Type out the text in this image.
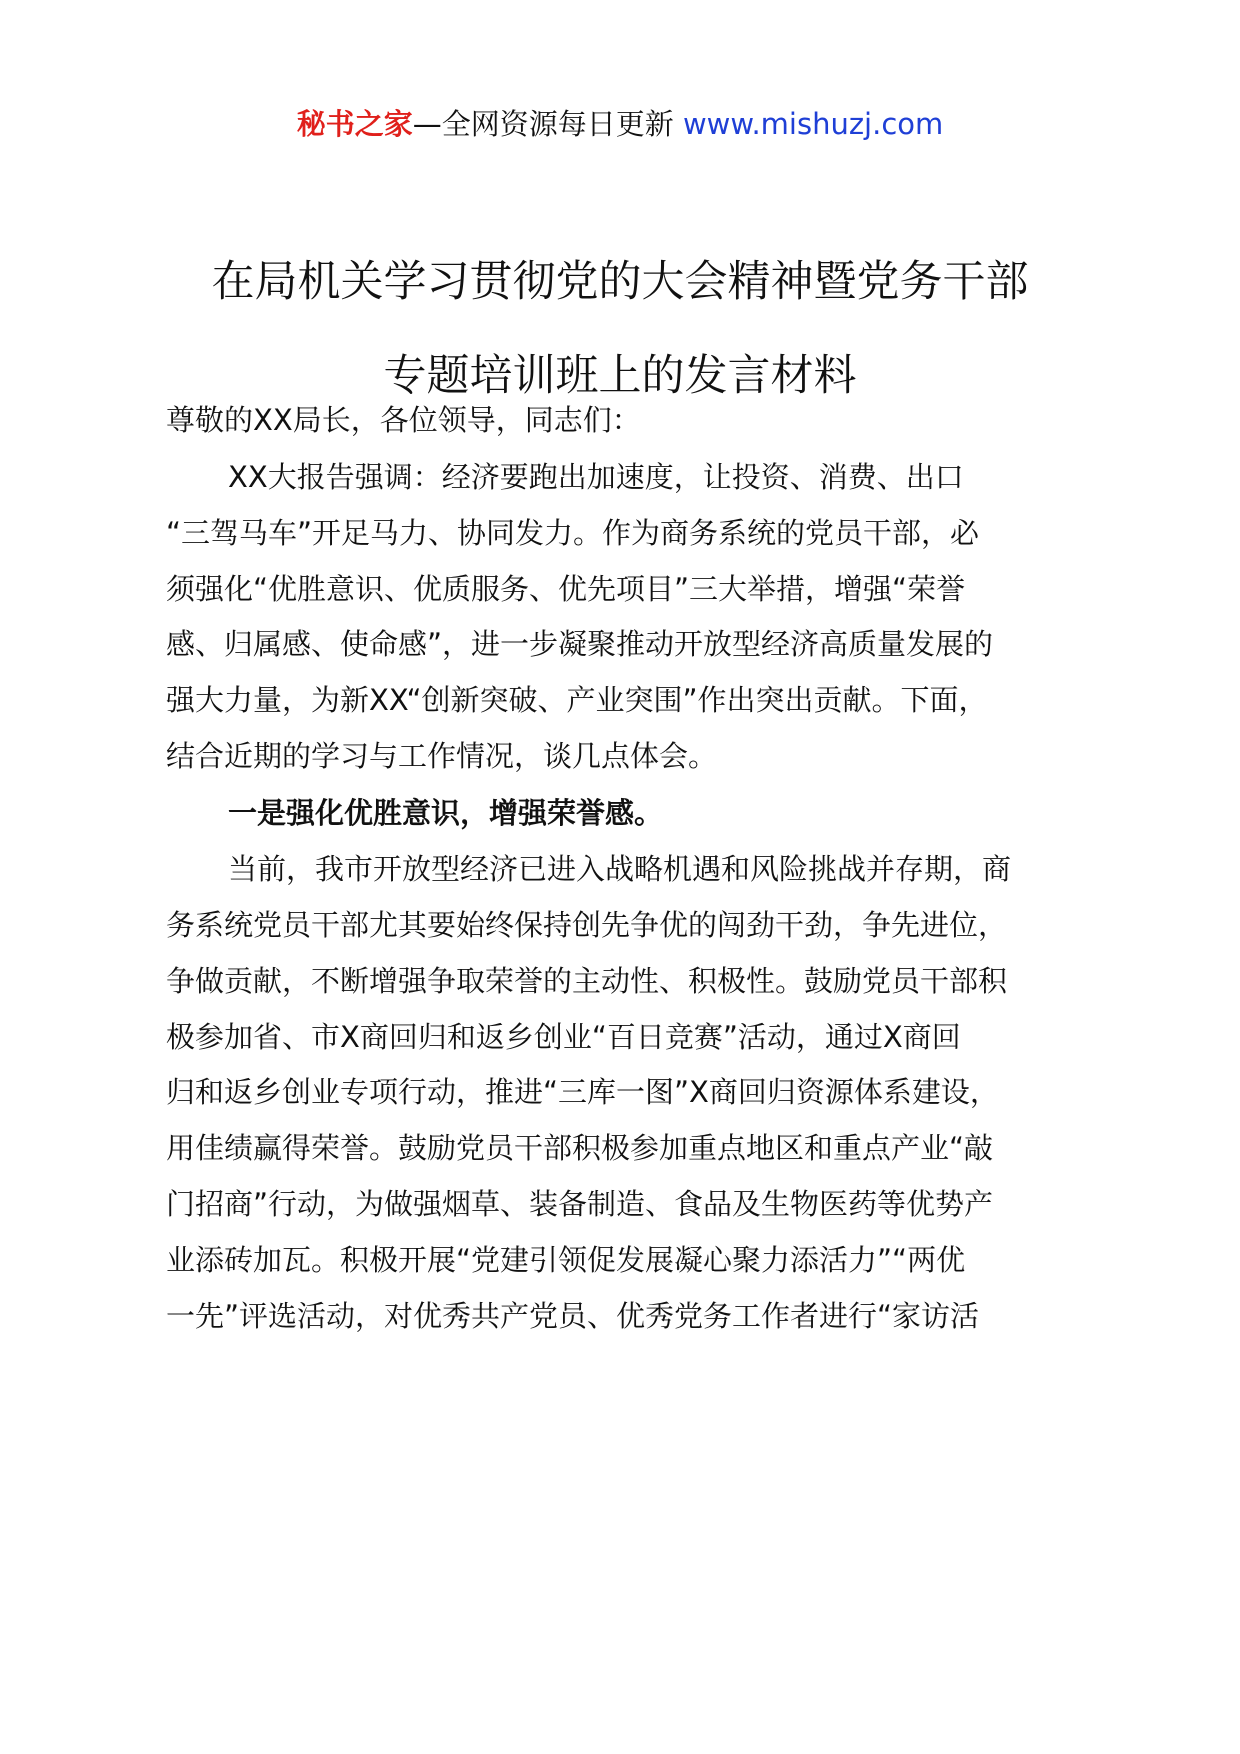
秘书之家—全网资源每日更新 www.mishuzj.com
在局机关学习贯彻党的大会精神暨党务干部
专题培训班上的发言材料
尊敬的XX局长，各位领导，同志们：
XX大报告强调：经济要跑出加速度，让投资、消费、出口
“三驾马车”开足马力、协同发力。作为商务系统的党员干部，必
须强化“优胜意识、优质服务、优先项目”三大举措，增强“荣誉
感、归属感、使命感”，进一步凝聚推动开放型经济高质量发展的
强大力量，为新XX“创新突破、产业突围”作出突出贡献。下面，
结合近期的学习与工作情况，谈几点体会。
一是强化优胜意识，增强荣誉感。
当前，我市开放型经济已进入战略机遇和风险挑战并存期，商
务系统党员干部尤其要始终保持创先争优的闯劲干劲，争先进位，
争做贡献，不断增强争取荣誉的主动性、积极性。鼓励党员干部积
极参加省、市X商回归和返乡创业“百日竞赛”活动，通过X商回
归和返乡创业专项行动，推进“三库一图”X商回归资源体系建设，
用佳绩赢得荣誉。鼓励党员干部积极参加重点地区和重点产业“敲
门招商”行动，为做强烟草、装备制造、食品及生物医药等优势产
业添砖加瓦。积极开展“党建引领促发展凝心聚力添活力”“两优
一先”评选活动，对优秀共产党员、优秀党务工作者进行“家访活
